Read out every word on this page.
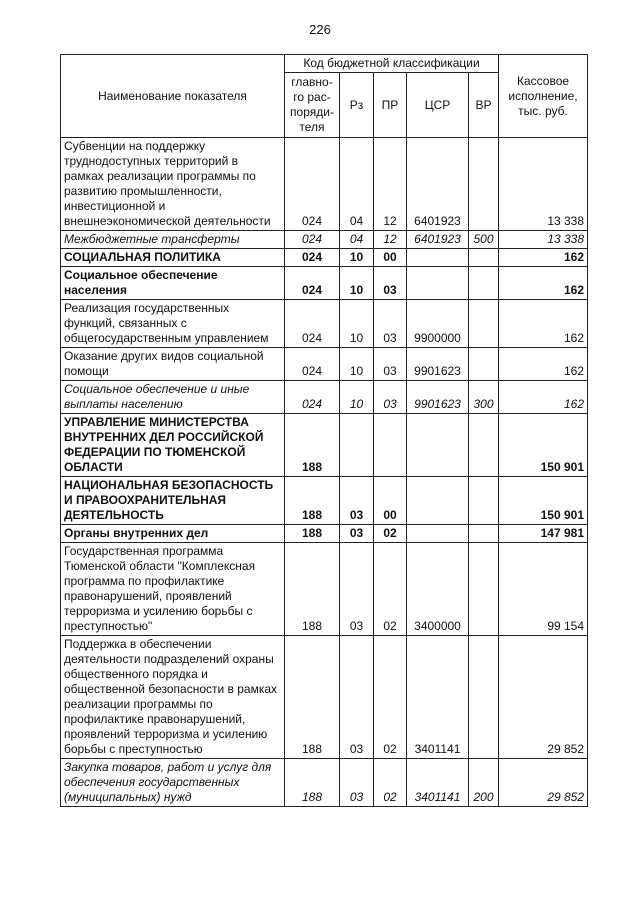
226
Наименование показателя	Код бюджетной классификации					Кассовое исполнение, тыс. руб.
	главно-го рас-поряди-теля	Рз	ПР	ЦСР	ВР	
Субвенции на поддержку труднодоступных территорий в рамках реализации программы по развитию промышленности, инвестиционной и внешнеэкономической деятельности	024	04	12	6401923		13 338
Межбюджетные трансферты	024	04	12	6401923	500	13 338
СОЦИАЛЬНАЯ ПОЛИТИКА	024	10	00			162
Социальное обеспечение населения	024	10	03			162
Реализация государственных функций, связанных с общегосударственным управлением	024	10	03	9900000		162
Оказание других видов социальной помощи	024	10	03	9901623		162
Социальное обеспечение и иные выплаты населению	024	10	03	9901623	300	162
УПРАВЛЕНИЕ МИНИСТЕРСТВА ВНУТРЕННИХ ДЕЛ РОССИЙСКОЙ ФЕДЕРАЦИИ ПО ТЮМЕНСКОЙ ОБЛАСТИ	188					150 901
НАЦИОНАЛЬНАЯ БЕЗОПАСНОСТЬ И ПРАВООХРАНИТЕЛЬНАЯ ДЕЯТЕЛЬНОСТЬ	188	03	00			150 901
Органы внутренних дел	188	03	02			147 981
Государственная программа Тюменской области "Комплексная программа по профилактике правонарушений, проявлений терроризма и усилению борьбы с преступностью"	188	03	02	3400000		99 154
Поддержка в обеспечении деятельности подразделений охраны общественного порядка и общественной безопасности в рамках реализации программы по профилактике правонарушений, проявлений терроризма и усилению борьбы с преступностью	188	03	02	3401141		29 852
Закупка товаров, работ и услуг для обеспечения государственных (муниципальных) нужд	188	03	02	3401141	200	29 852
